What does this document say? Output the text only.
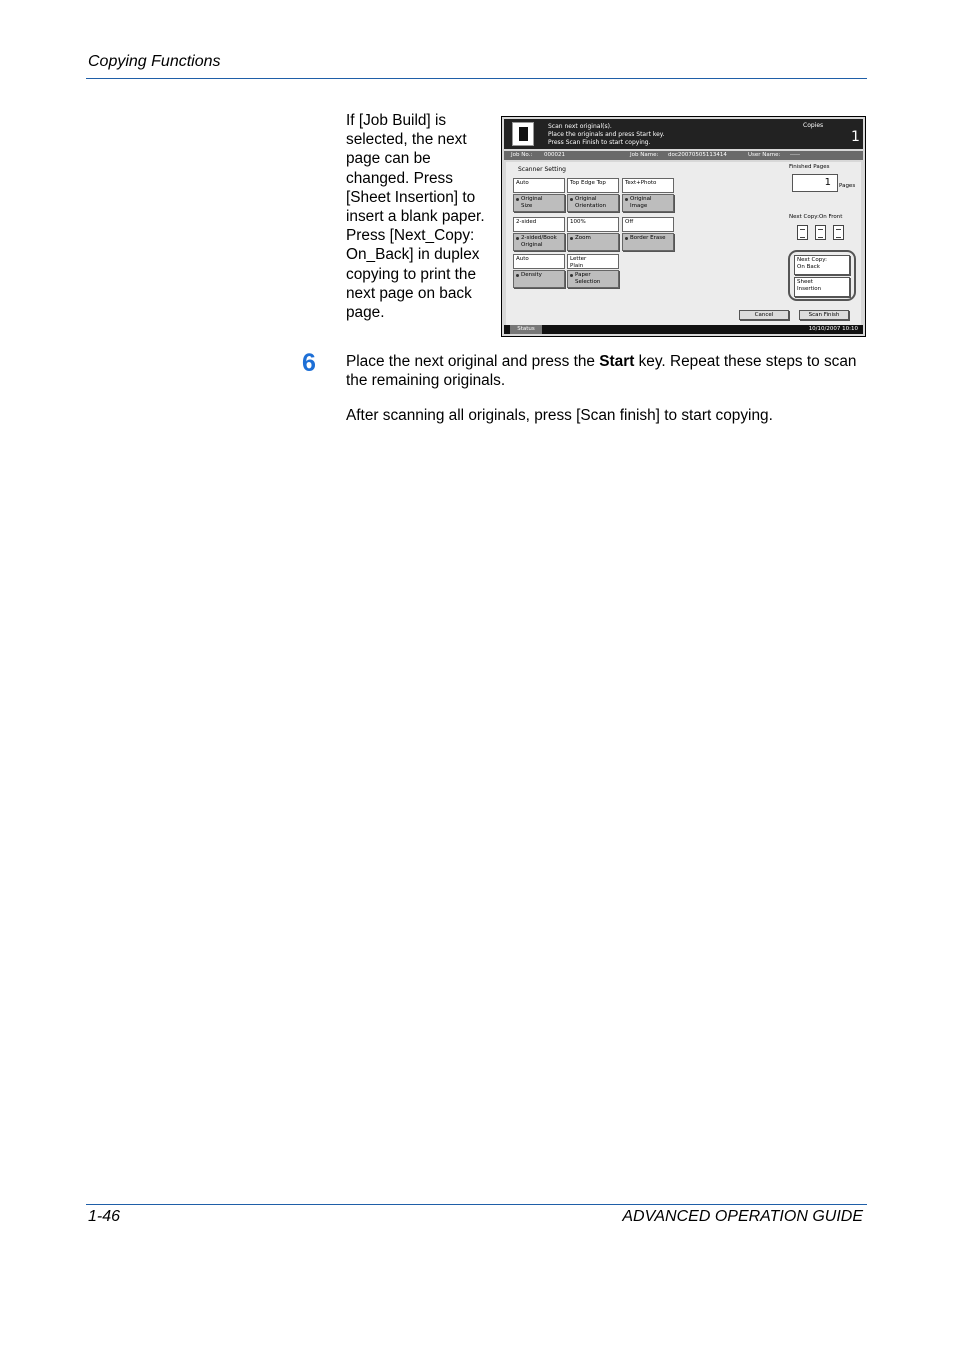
Copying Functions
If [Job Build] is selected, the next page can be changed. Press [Sheet Insertion] to insert a blank paper. Press [Next_Copy: On_Back] in duplex copying to print the next page on back page.
Scan next original(s).
Place the originals and press Start key.
Press Scan Finish to start copying.
Copies
1
Job No.: 000021	Job Name: doc20070505113414	User Name: -----
Scanner Setting
Auto
Original
Size
Top Edge Top
Original
Orientation
Text+Photo
Original
Image
2-sided
2-sided/Book
Original
100%
Zoom
Off
Border Erase
Auto
Density
Letter
Plain
Paper
Selection
Finished Pages
1	Pages
Next Copy:On Front
Next Copy:
On Back
Sheet
Insertion
Cancel	Scan Finish
Status	10/10/2007 10:10
6 Place the next original and press the Start key. Repeat these steps to scan the remaining originals.
After scanning all originals, press [Scan finish] to start copying.
1-46	ADVANCED OPERATION GUIDE
